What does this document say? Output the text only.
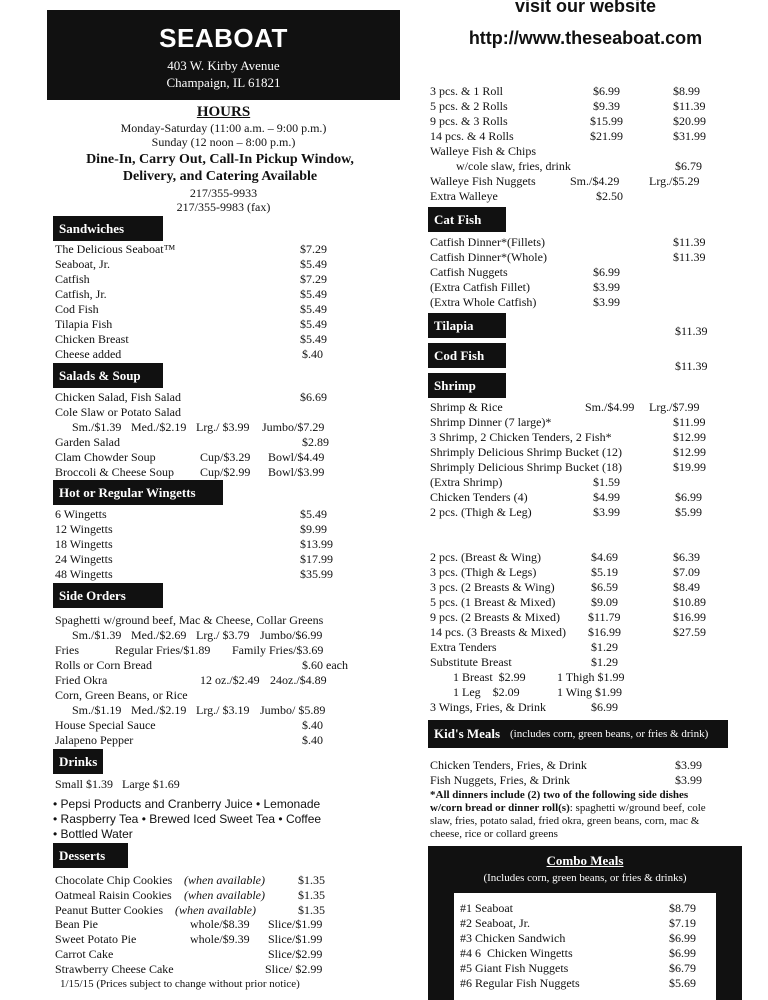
SEABOAT
403 W. Kirby Avenue
Champaign, IL 61821
HOURS
Monday-Saturday (11:00 a.m. – 9:00 p.m.)
Sunday (12 noon – 8:00 p.m.)
Dine-In, Carry Out, Call-In Pickup Window,
Delivery, and Catering Available
217/355-9933
217/355-9983 (fax)
Sandwiches
The Delicious Seaboat™	$7.29
Seaboat, Jr.	$5.49
Catfish	$7.29
Catfish, Jr.	$5.49
Cod Fish	$5.49
Tilapia Fish	$5.49
Chicken Breast	$5.49
Cheese added	$.40
Salads & Soup
Chicken Salad, Fish Salad	$6.69
Cole Slaw or Potato Salad
Sm./$1.39 Med./$2.19 Lrg./ $3.99 Jumbo/$7.29
Garden Salad	$2.89
Clam Chowder Soup	Cup/$3.29 Bowl/$4.49
Broccoli & Cheese Soup Cup/$2.99 Bowl/$3.99
Hot or Regular Wingetts
6 Wingetts	$5.49
12 Wingetts	$9.99
18 Wingetts	$13.99
24 Wingetts	$17.99
48 Wingetts	$35.99
Side Orders
Spaghetti w/ground beef, Mac & Cheese, Collar Greens
Sm./$1.39 Med./$2.69 Lrg./ $3.79 Jumbo/$6.99
Fries	Regular Fries/$1.89 Family Fries/$3.69
Rolls or Corn Bread	$.60 each
Fried Okra	12 oz./$2.49 24oz./$4.89
Corn, Green Beans, or Rice
Sm./$1.19 Med./$2.19 Lrg./ $3.19 Jumbo/ $5.89
House Special Sauce	$.40
Jalapeno Pepper	$.40
Drinks
Small $1.39   Large $1.69
• Pepsi Products and Cranberry Juice • Lemonade
• Raspberry Tea • Brewed Iced Sweet Tea • Coffee
• Bottled Water
Desserts
Chocolate Chip Cookies (when available)	$1.35
Oatmeal Raisin Cookies (when available)	$1.35
Peanut Butter Cookies (when available)	$1.35
Bean Pie	whole/$8.39 Slice/$1.99
Sweet Potato Pie	whole/$9.39 Slice/$1.99
Carrot Cake	Slice/$2.99
Strawberry Cheese Cake	Slice/ $2.99
1/15/15 (Prices subject to change without prior notice)
visit our website
http://www.theseaboat.com
Walleye Fish	Snack	Dinner*
3 pcs. & 1 Roll	$6.99	$8.99
5 pcs. & 2 Rolls	$9.39	$11.39
9 pcs. & 3 Rolls	$15.99	$20.99
14 pcs. & 4 Rolls	$21.99	$31.99
Walleye Fish & Chips
w/cole slaw, fries, drink	$6.79
Walleye Fish Nuggets	Sm./$4.29 Lrg./$5.29
Extra Walleye	$2.50
Cat Fish
Catfish Dinner*(Fillets)	$11.39
Catfish Dinner*(Whole)	$11.39
Catfish Nuggets	$6.99
(Extra Catfish Fillet)	$3.99
(Extra Whole Catfish)	$3.99
Tilapia	$11.39
Cod Fish
$11.39
Shrimp
Shrimp & Rice	Sm./$4.99 Lrg./$7.99
Shrimp Dinner (7 large)*	$11.99
3 Shrimp, 2 Chicken Tenders, 2 Fish*	$12.99
Shrimply Delicious Shrimp Bucket (12)	$12.99
Shrimply Delicious Shrimp Bucket (18)	$19.99
(Extra Shrimp)	$1.59
Chicken Tenders (4)	$4.99	$6.99
2 pcs. (Thigh & Leg)	$3.99	$5.99
Chicken	Snack	Dinner*
2 pcs. (Breast & Wing)	$4.69	$6.39
3 pcs. (Thigh & Legs)	$5.19	$7.09
3 pcs. (2 Breasts & Wing)	$6.59	$8.49
5 pcs. (1 Breast & Mixed)	$9.09	$10.89
9 pcs. (2 Breasts & Mixed) $11.79	$16.99
14 pcs. (3 Breasts & Mixed) $16.99	$27.59
Extra Tenders	$1.29
Substitute Breast	$1.29
1 Breast  $2.99	1 Thigh $1.99
1 Leg    $2.09	1 Wing $1.99
3 Wings, Fries, & Drink	$6.99
Kid's Meals (includes corn, green beans, or fries & drink)
Chicken Tenders, Fries, & Drink	$3.99
Fish Nuggets, Fries, & Drink	$3.99
*All dinners include (2) two of the following side dishes
w/corn bread or dinner roll(s): spaghetti w/ground beef, cole
slaw, fries, potato salad, fried okra, green beans, corn, mac &
cheese, rice or collard greens
Combo Meals
(Includes corn, green beans, or fries & drinks)
#1 Seaboat	$8.79
#2 Seaboat, Jr.	$7.19
#3 Chicken Sandwich	$6.99
#4 6  Chicken Wingetts	$6.99
#5 Giant Fish Nuggets	$6.79
#6 Regular Fish Nuggets	$5.69
